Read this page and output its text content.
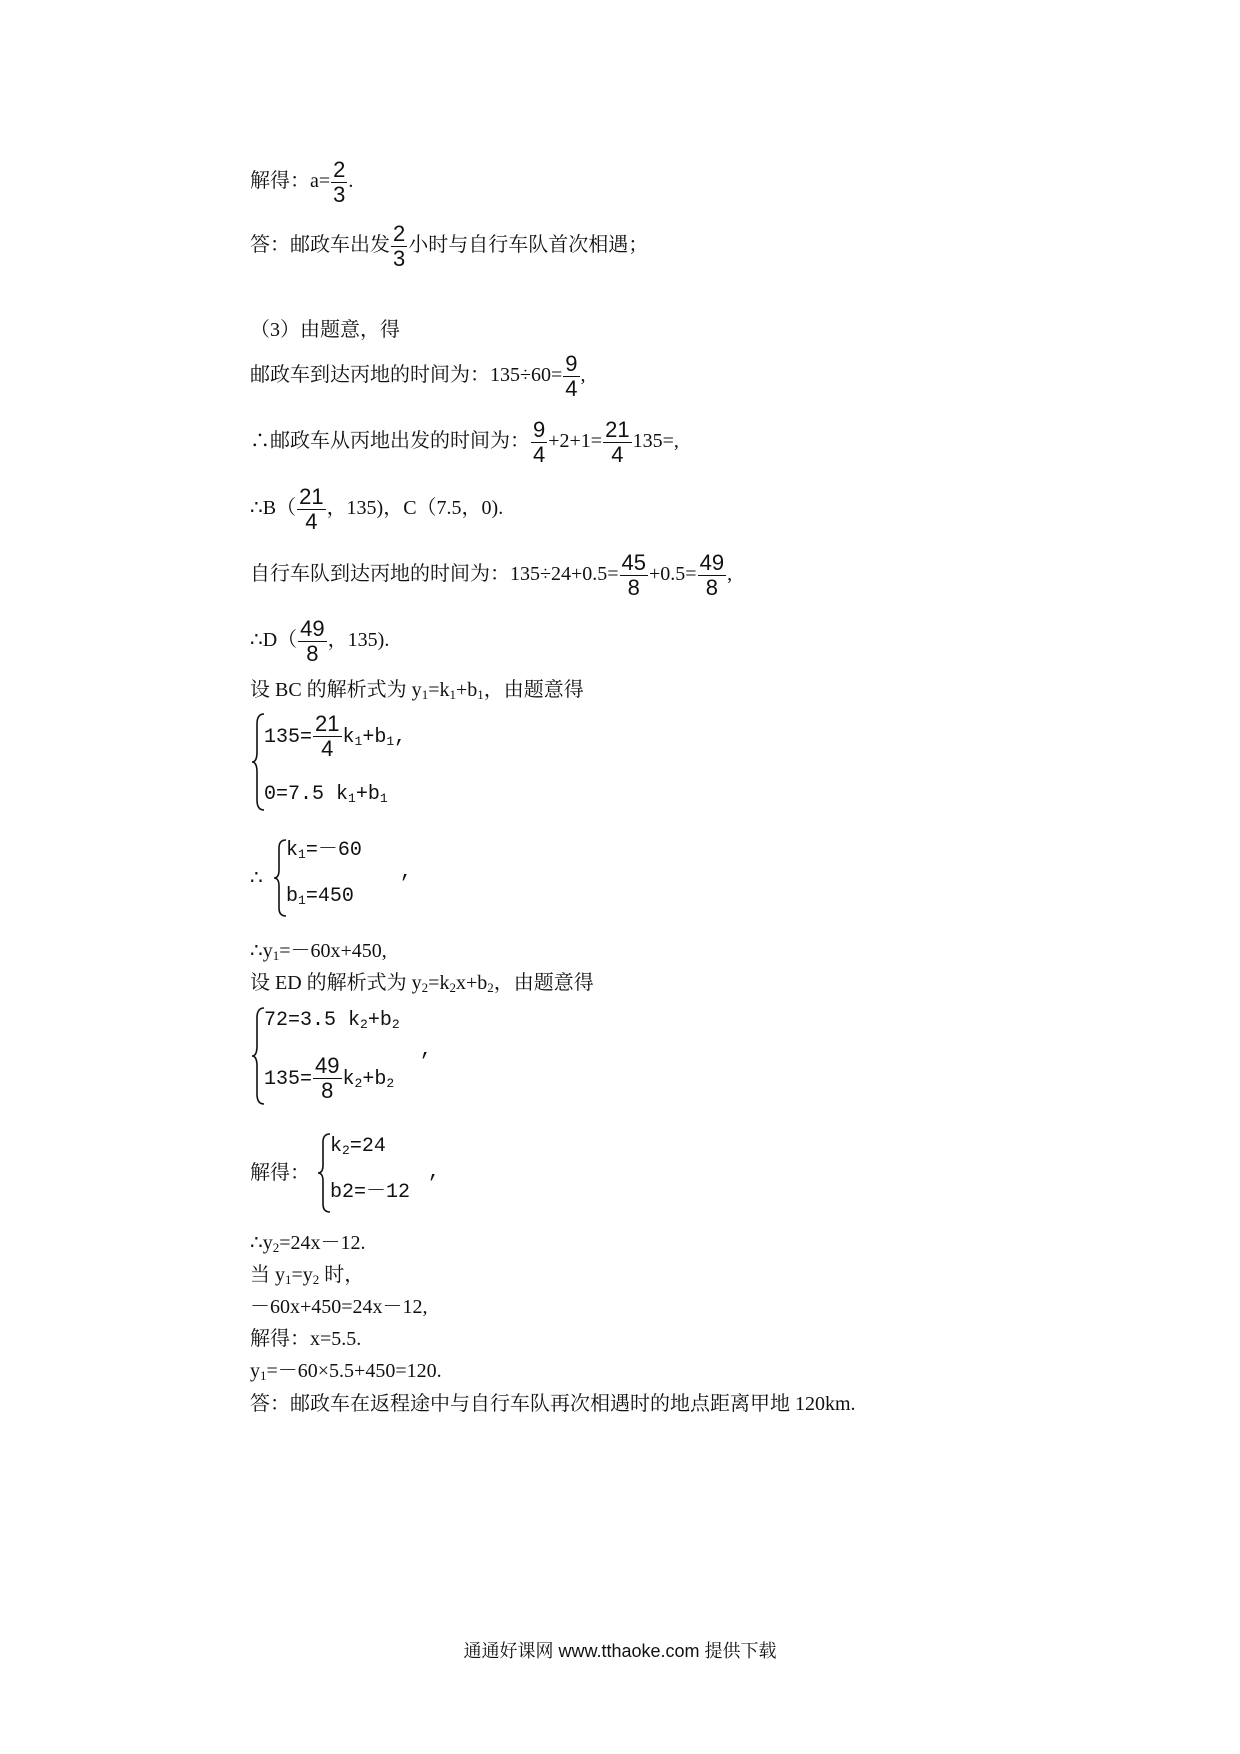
解得：$a= \frac{2}{3}$ .
答：邮政车出发 $\frac{2}{3}$ 小时与自行车队首次相遇；
（3）由题意，得
邮政车到达丙地的时间为：$135\div 60= \frac{9}{4}$ ,
∴邮政车从丙地出发的时间为： $\frac{9}{4} +2+1= \frac{21}{4} 135=$,
∴B（ $\frac{21}{4}$ ，135)，C（7.5，0).
自行车队到达丙地的时间为：$135\div 24+0.5= \frac{45}{8} +0.5= \frac{49}{8}$ ,
∴D（ $\frac{49}{8}$ ，135).
设 BC 的解析式为 $y_1=k_1+b_1$，由题意得
$135= \frac{21}{4} k_1+b_1$,
0=7.5 $k_1+b_1$
∴
$k_1=-60$
$b_1=450$
,
$\therefore y_1=-60x+450$,
设 ED 的解析式为 $y_2=k_2x+b_2$，由题意得
72=3.5 $k_2+b_2$
,
$135= \frac{49}{8} k_2+b_2$
解得：
$k_2=24$
b2=－12
,
$\therefore y_2=24x-12$.
当 $y_1=y_2$ 时，
－60x+450=24x－12,
解得：x=5.5.
$y_1=-60\times 5.5+450=120$.
答：邮政车在返程途中与自行车队再次相遇时的地点距离甲地 120km.
通通好课网 www.tthaoke.com 提供下载
